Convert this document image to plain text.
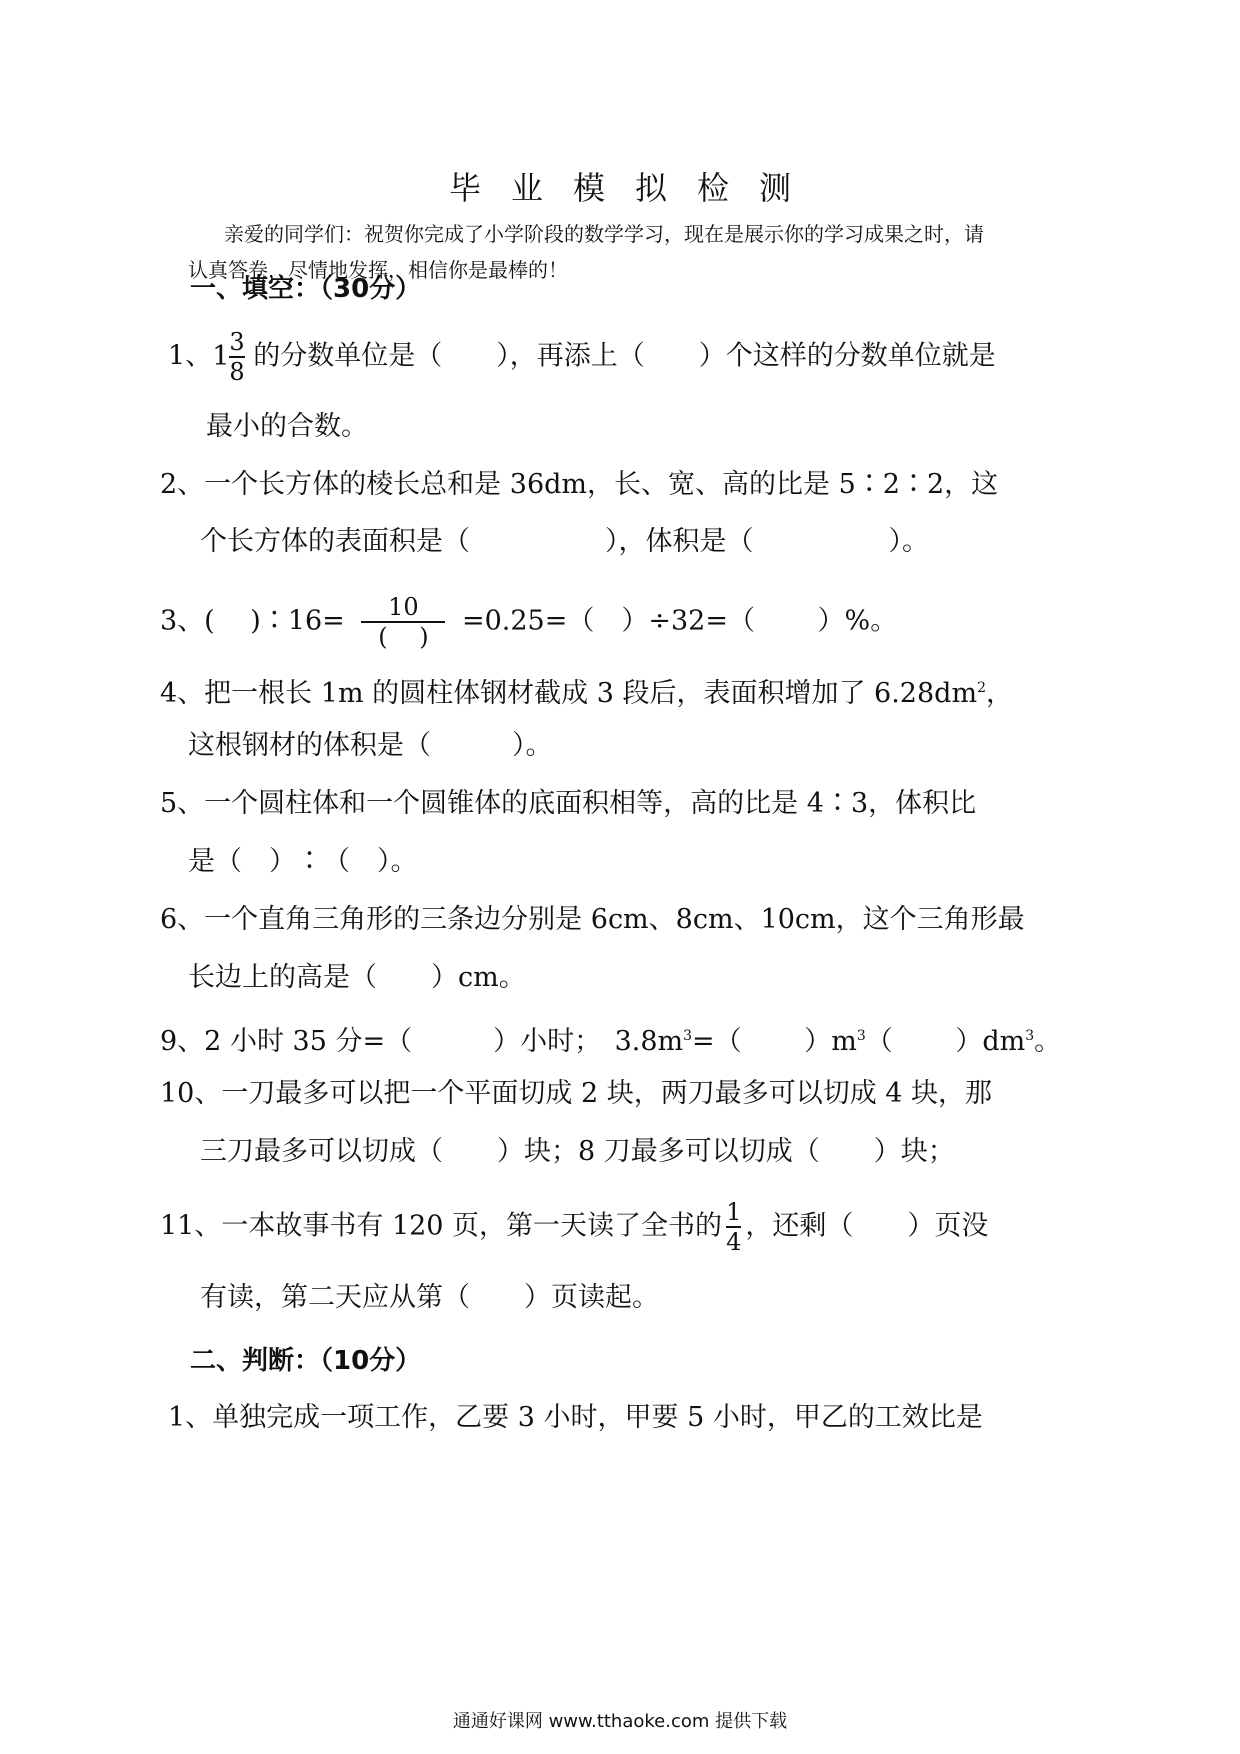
毕业模拟检测
亲爱的同学们：祝贺你完成了小学阶段的数学学习，现在是展示你的学习成果之时，请
认真答卷，尽情地发挥，相信你是最棒的！
一、填空：（30分）
1、$1 \frac{3}{8}$ 的分数单位是（　　），再添上（　　）个这样的分数单位就是
最小的合数。
2、一个长方体的棱长总和是 36dm，长、宽、高的比是 5∶2∶2，这
个长方体的表面积是（　　　　　），体积是（　　　　　）。
3、(　 )∶16= $\frac{10}{( )} =0.25=$（　）÷32=（　　 ）%。
4、把一根长 1m 的圆柱体钢材截成 3 段后，表面积增加了 $6.28dm^2$，
这根钢材的体积是（　　　）。
5、一个圆柱体和一个圆锥体的底面积相等，高的比是 4∶3，体积比
是（　）∶（　）。
6、一个直角三角形的三条边分别是 6cm、8cm、10cm，这个三角形最
长边上的高是（　　）cm。
9、2 小时 35 分=（　　　）小时；　$3.8m^3=$（　　 ）$m^3$（　　 ）$dm^3$。
10、一刀最多可以把一个平面切成 2 块，两刀最多可以切成 4 块，那
三刀最多可以切成（　　）块；8 刀最多可以切成（　　）块；
11、一本故事书有 120 页，第一天读了全书的 $\frac{1}{4}$ ，还剩（　　）页没
有读，第二天应从第（　　）页读起。
二、判断：（10分）
1、单独完成一项工作，乙要 3 小时，甲要 5 小时，甲乙的工效比是
通通好课网 www.tthaoke.com 提供下载
